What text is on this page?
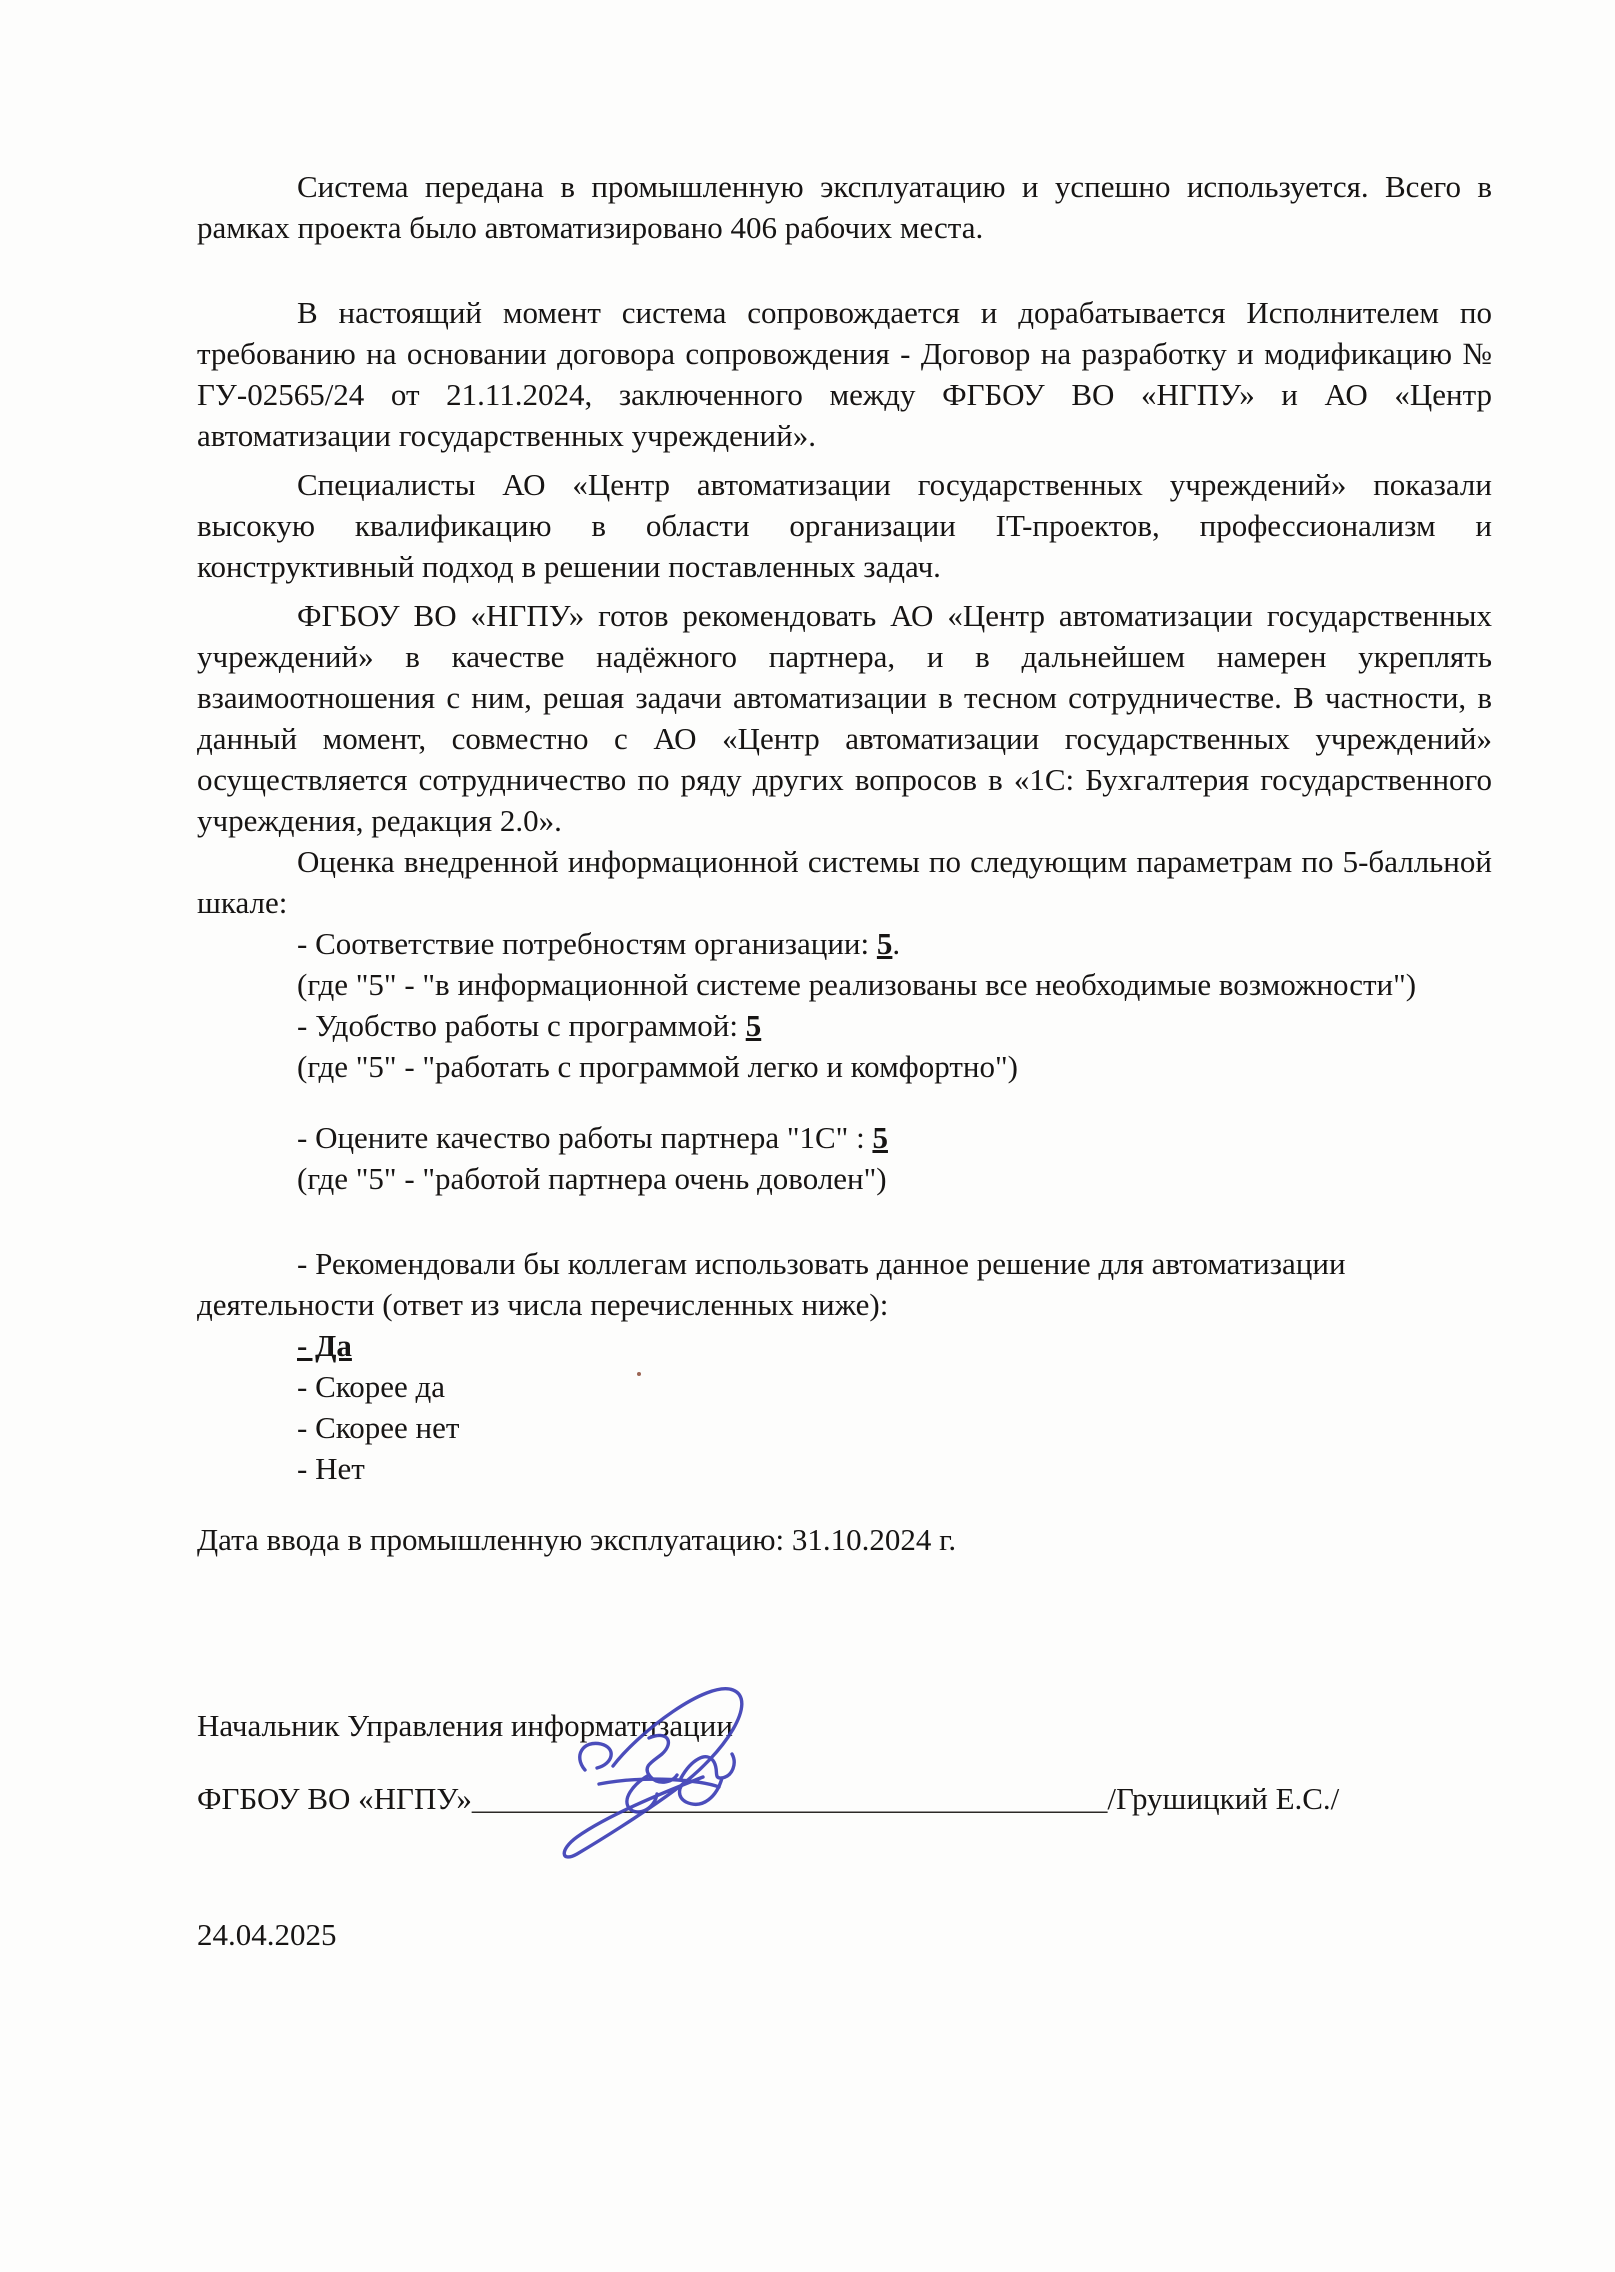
Система передана в промышленную эксплуатацию и успешно используется. Всего в рамках проекта было автоматизировано 406 рабочих места.

В настоящий момент система сопровождается и дорабатывается Исполнителем по требованию на основании договора сопровождения - Договор на разработку и модификацию № ГУ-02565/24 от 21.11.2024, заключенного между ФГБОУ ВО «НГПУ» и АО «Центр автоматизации государственных учреждений».

Специалисты АО «Центр автоматизации государственных учреждений» показали высокую квалификацию в области организации IT-проектов, профессионализм и конструктивный подход в решении поставленных задач.

ФГБОУ ВО «НГПУ» готов рекомендовать АО «Центр автоматизации государственных учреждений» в качестве надёжного партнера, и в дальнейшем намерен укреплять взаимоотношения с ним, решая задачи автоматизации в тесном сотрудничестве. В частности, в данный момент, совместно с АО «Центр автоматизации государственных учреждений» осуществляется сотрудничество по ряду других вопросов в «1С: Бухгалтерия государственного учреждения, редакция 2.0».

Оценка внедренной информационной системы по следующим параметрам по 5-балльной шкале:

- Соответствие потребностям организации: 5.

(где "5" - "в информационной системе реализованы все необходимые возможности")

- Удобство работы с программой: 5

(где "5" - "работать с программой легко и комфортно")

- Оцените качество работы партнера "1С" : 5

(где "5" - "работой партнера очень доволен")

- Рекомендовали бы коллегам использовать данное решение для автоматизации деятельности (ответ из числа перечисленных ниже):

- Да

- Скорее да

- Скорее нет

- Нет

Дата ввода в промышленную эксплуатацию: 31.10.2024 г.

Начальник Управления информатизации

ФГБОУ ВО «НГПУ»_________________________________________/Грушицкий Е.С./

24.04.2025
